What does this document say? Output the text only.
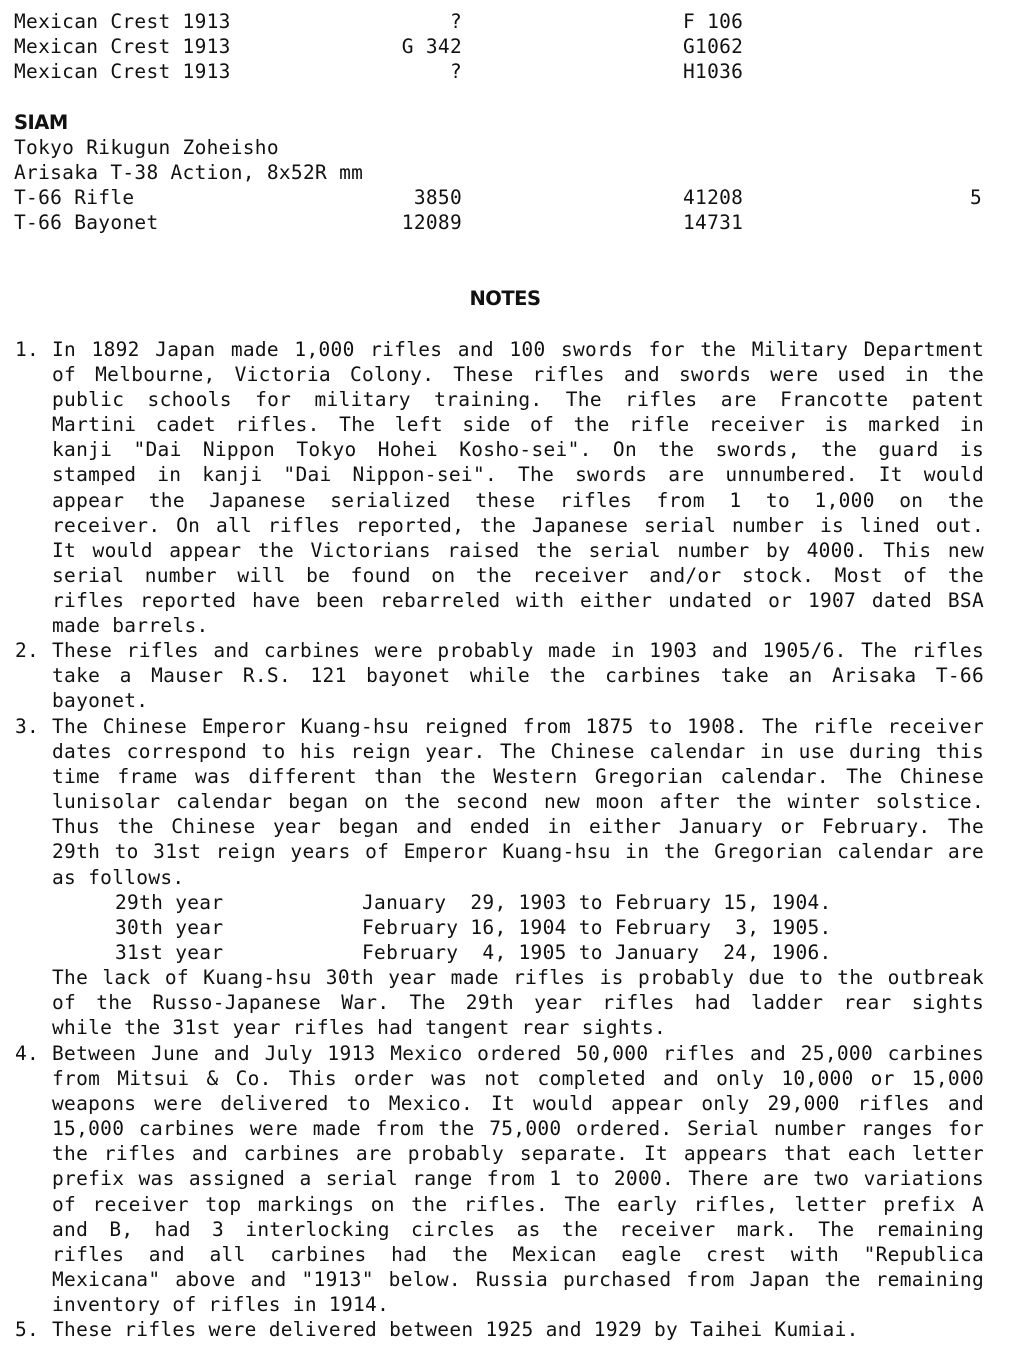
Mexican Crest 1913	?	F 106
Mexican Crest 1913	G 342	G1062
Mexican Crest 1913	?	H1036
SIAM
Tokyo Rikugun Zoheisho
Arisaka T-38 Action, 8x52R mm
T-66 Rifle	3850	41208	5
T-66 Bayonet	12089	14731
NOTES
1. In 1892 Japan made 1,000 rifles and 100 swords for the Military Department
of Melbourne, Victoria Colony. These rifles and swords were used in the
public schools for military training. The rifles are Francotte patent
Martini cadet rifles. The left side of the rifle receiver is marked in
kanji "Dai Nippon Tokyo Hohei Kosho-sei". On the swords, the guard is
stamped in kanji "Dai Nippon-sei". The swords are unnumbered. It would
appear the Japanese serialized these rifles from 1 to 1,000 on the
receiver. On all rifles reported, the Japanese serial number is lined out.
It would appear the Victorians raised the serial number by 4000. This new
serial number will be found on the receiver and/or stock. Most of the
rifles reported have been rebarreled with either undated or 1907 dated BSA
made barrels.
2. These rifles and carbines were probably made in 1903 and 1905/6. The rifles
take a Mauser R.S. 121 bayonet while the carbines take an Arisaka T-66
bayonet.
3. The Chinese Emperor Kuang-hsu reigned from 1875 to 1908. The rifle receiver
dates correspond to his reign year. The Chinese calendar in use during this
time frame was different than the Western Gregorian calendar. The Chinese
lunisolar calendar began on the second new moon after the winter solstice.
Thus the Chinese year began and ended in either January or February. The
29th to 31st reign years of Emperor Kuang-hsu in the Gregorian calendar are
as follows.
29th year	January  29, 1903 to February 15, 1904.
30th year	February 16, 1904 to February  3, 1905.
31st year	February  4, 1905 to January  24, 1906.
The lack of Kuang-hsu 30th year made rifles is probably due to the outbreak
of the Russo-Japanese War. The 29th year rifles had ladder rear sights
while the 31st year rifles had tangent rear sights.
4. Between June and July 1913 Mexico ordered 50,000 rifles and 25,000 carbines
from Mitsui & Co. This order was not completed and only 10,000 or 15,000
weapons were delivered to Mexico. It would appear only 29,000 rifles and
15,000 carbines were made from the 75,000 ordered. Serial number ranges for
the rifles and carbines are probably separate. It appears that each letter
prefix was assigned a serial range from 1 to 2000. There are two variations
of receiver top markings on the rifles. The early rifles, letter prefix A
and B, had 3 interlocking circles as the receiver mark. The remaining
rifles and all carbines had the Mexican eagle crest with "Republica
Mexicana" above and "1913" below. Russia purchased from Japan the remaining
inventory of rifles in 1914.
5. These rifles were delivered between 1925 and 1929 by Taihei Kumiai.
